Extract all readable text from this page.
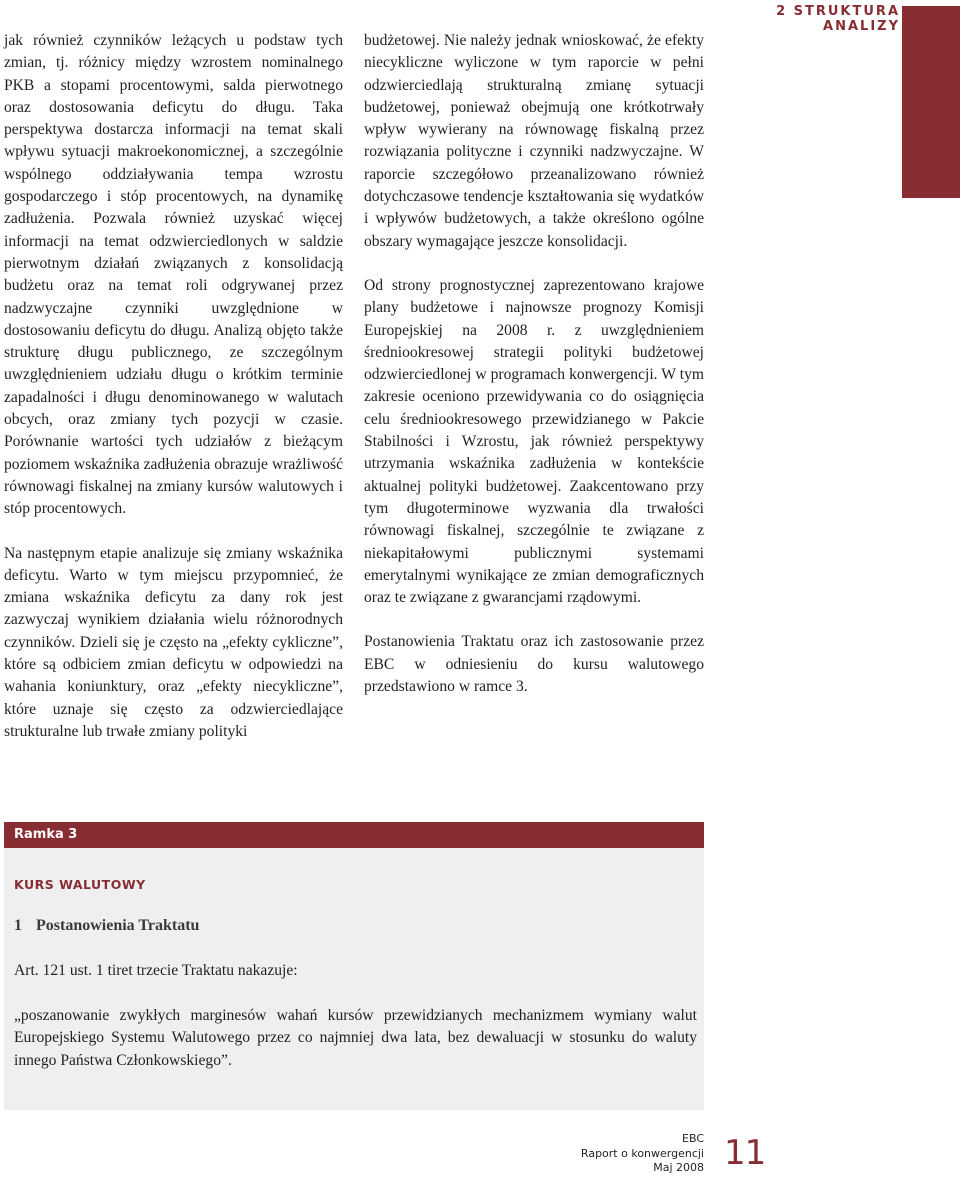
jak również czynników leżących u podstaw tych zmian, tj. różnicy między wzrostem nominalnego PKB a stopami procentowymi, salda pierwotnego oraz dostosowania deficytu do długu. Taka perspektywa dostarcza informacji na temat skali wpływu sytuacji makroekonomicznej, a szczególnie wspólnego oddziaływania tempa wzrostu gospodarczego i stóp procentowych, na dynamikę zadłużenia. Pozwala również uzyskać więcej informacji na temat odzwierciedlonych w saldzie pierwotnym działań związanych z konsolidacją budżetu oraz na temat roli odgrywanej przez nadzwyczajne czynniki uwzględnione w dostosowaniu deficytu do długu. Analizą objęto także strukturę długu publicznego, ze szczególnym uwzględnieniem udziału długu o krótkim terminie zapadalności i długu denominowanego w walutach obcych, oraz zmiany tych pozycji w czasie. Porównanie wartości tych udziałów z bieżącym poziomem wskaźnika zadłużenia obrazuje wrażliwość równowagi fiskalnej na zmiany kursów walutowych i stóp procentowych.

Na następnym etapie analizuje się zmiany wskaźnika deficytu. Warto w tym miejscu przypomnieć, że zmiana wskaźnika deficytu za dany rok jest zazwyczaj wynikiem działania wielu różnorodnych czynników. Dzieli się je często na „efekty cykliczne”, które są odbiciem zmian deficytu w odpowiedzi na wahania koniunktury, oraz „efekty niecykliczne”, które uznaje się często za odzwierciedlające strukturalne lub trwałe zmiany polityki

budżetowej. Nie należy jednak wnioskować, że efekty niecykliczne wyliczone w tym raporcie w pełni odzwierciedlają strukturalną zmianę sytuacji budżetowej, ponieważ obejmują one krótkotrwały wpływ wywierany na równowagę fiskalną przez rozwiązania polityczne i czynniki nadzwyczajne. W raporcie szczegółowo przeanalizowano również dotychczasowe tendencje kształtowania się wydatków i wpływów budżetowych, a także określono ogólne obszary wymagające jeszcze konsolidacji.

Od strony prognostycznej zaprezentowano krajowe plany budżetowe i najnowsze prognozy Komisji Europejskiej na 2008 r. z uwzględnieniem średniookresowej strategii polityki budżetowej odzwierciedlonej w programach konwergencji. W tym zakresie oceniono przewidywania co do osiągnięcia celu średniookresowego przewidzianego w Pakcie Stabilności i Wzrostu, jak również perspektywy utrzymania wskaźnika zadłużenia w kontekście aktualnej polityki budżetowej. Zaakcentowano przy tym długoterminowe wyzwania dla trwałości równowagi fiskalnej, szczególnie te związane z niekapitałowymi publicznymi systemami emerytalnymi wynikające ze zmian demograficznych oraz te związane z gwarancjami rządowymi.

Postanowienia Traktatu oraz ich zastosowanie przez EBC w odniesieniu do kursu walutowego przedstawiono w ramce 3.

2 STRUKTURA
ANALIZY
Ramka 3
KURS WALUTOWY
1 Postanowienia Traktatu
Art. 121 ust. 1 tiret trzecie Traktatu nakazuje:
„poszanowanie zwykłych marginesów wahań kursów przewidzianych mechanizmem wymiany walut Europejskiego Systemu Walutowego przez co najmniej dwa lata, bez dewaluacji w stosunku do waluty innego Państwa Członkowskiego”.
EBC
Raport o konwergencji
Maj 2008 11
